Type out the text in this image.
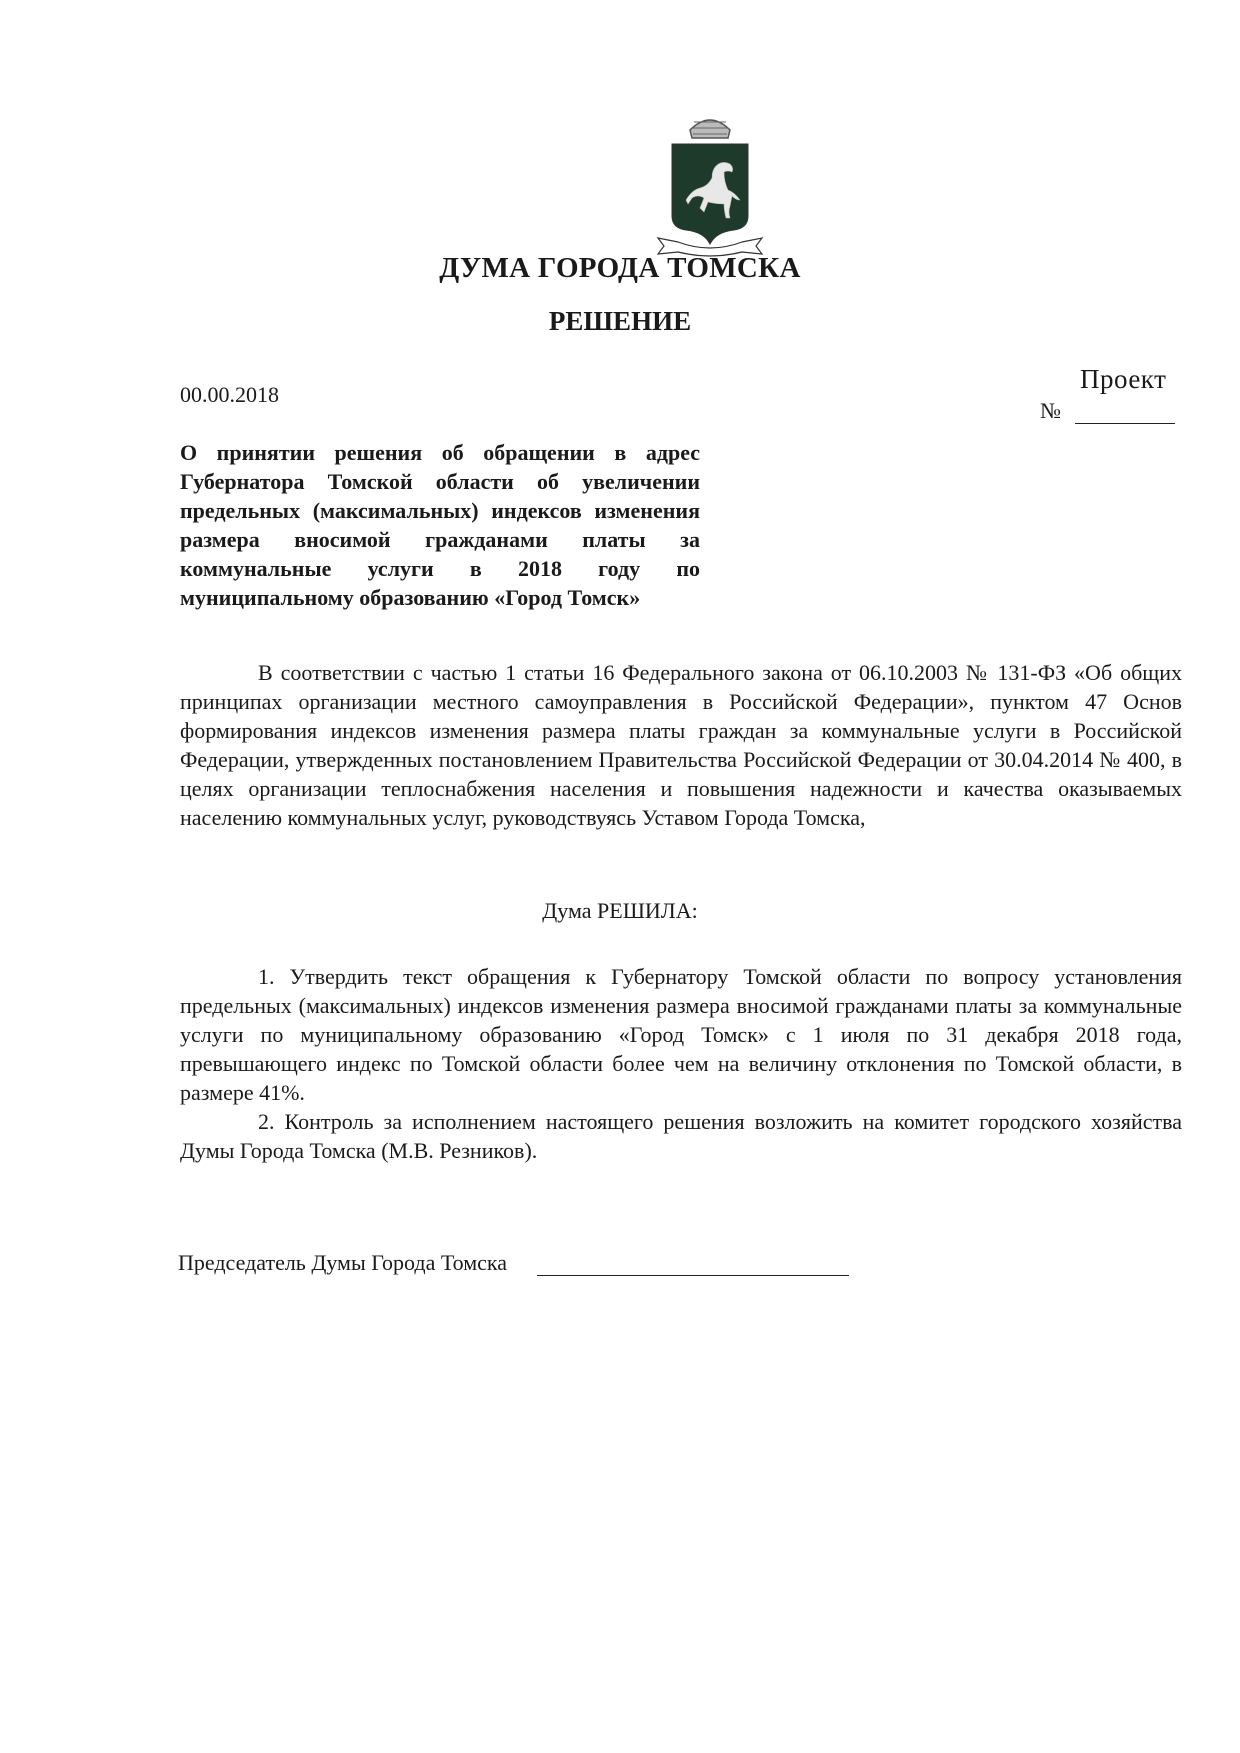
ДУМА ГОРОДА ТОМСКА
РЕШЕНИЕ
00.00.2018
Проект
№
О принятии решения об обращении в адрес Губернатора Томской области об увеличении предельных (максимальных) индексов изменения размера вносимой гражданами платы за коммунальные услуги в 2018 году по муниципальному образованию «Город Томск»
В соответствии с частью 1 статьи 16 Федерального закона от 06.10.2003 № 131-ФЗ «Об общих принципах организации местного самоуправления в Российской Федерации», пунктом 47 Основ формирования индексов изменения размера платы граждан за коммунальные услуги в Российской Федерации, утвержденных постановлением Правительства Российской Федерации от 30.04.2014 № 400, в целях организации теплоснабжения населения и повышения надежности и качества оказываемых населению коммунальных услуг, руководствуясь Уставом Города Томска,
Дума РЕШИЛА:
1. Утвердить текст обращения к Губернатору Томской области по вопросу установления предельных (максимальных) индексов изменения размера вносимой гражданами платы за коммунальные услуги по муниципальному образованию «Город Томск» с 1 июля по 31 декабря 2018 года, превышающего индекс по Томской области более чем на величину отклонения по Томской области, в размере 41%.
2. Контроль за исполнением настоящего решения возложить на комитет городского хозяйства Думы Города Томска (М.В. Резников).
Председатель Думы Города Томска
